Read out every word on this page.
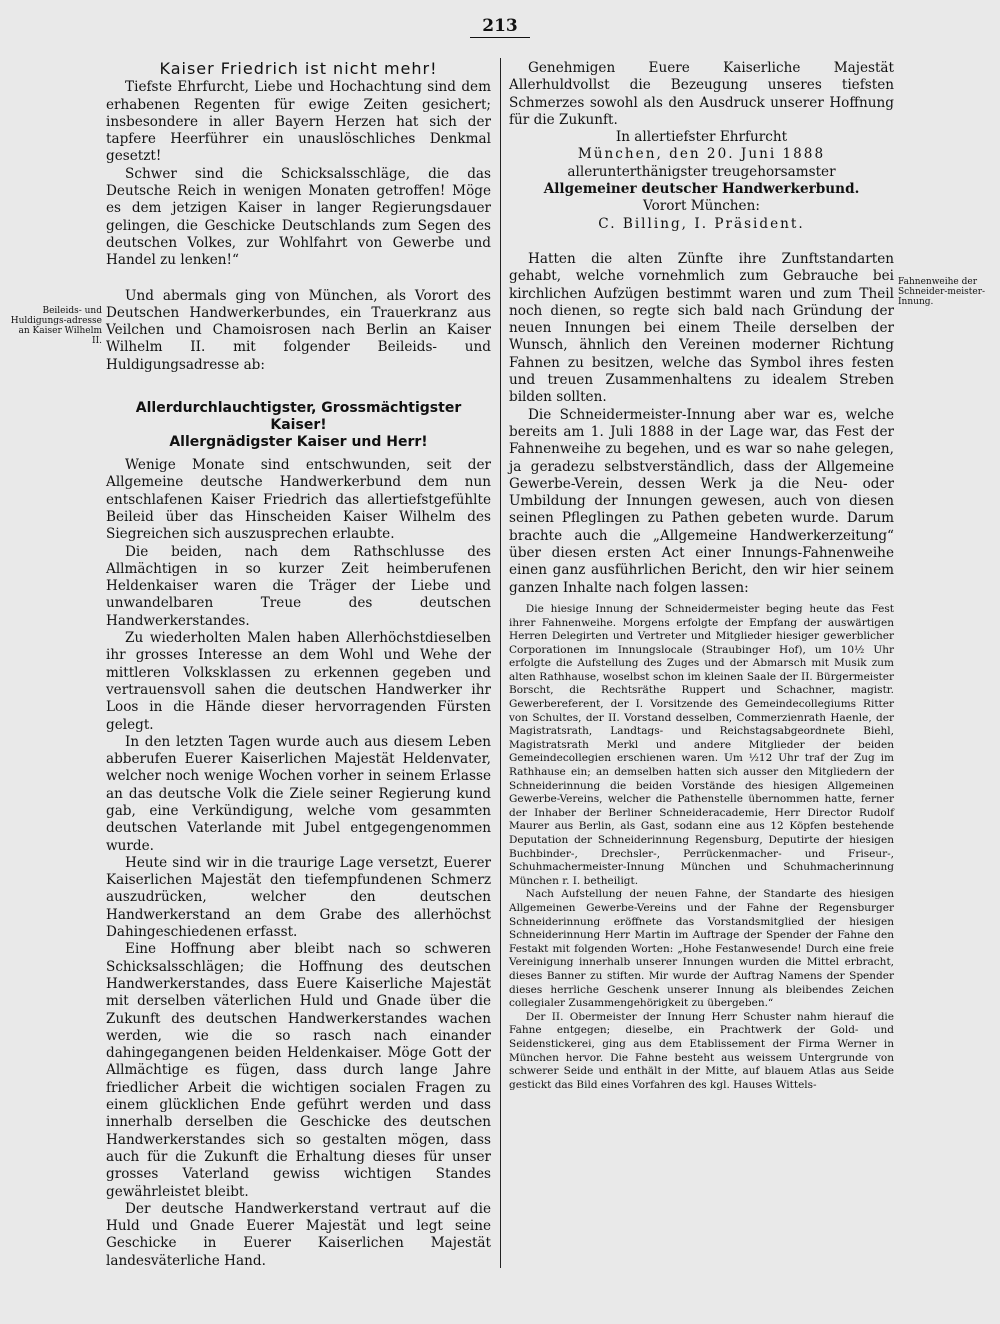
213
Beileids- und Huldigungs-adresse an Kaiser Wilhelm II.
Fahnenweihe der Schneider-meister-Innung.
Kaiser Friedrich ist nicht mehr!

Tiefste Ehrfurcht, Liebe und Hochachtung sind dem erhabenen Regenten für ewige Zeiten gesichert; insbesondere in aller Bayern Herzen hat sich der tapfere Heerführer ein unauslöschliches Denkmal gesetzt!

Schwer sind die Schicksalsschläge, die das Deutsche Reich in wenigen Monaten getroffen! Möge es dem jetzigen Kaiser in langer Regierungsdauer gelingen, die Geschicke Deutschlands zum Segen des deutschen Volkes, zur Wohlfahrt von Gewerbe und Handel zu lenken!“

Und abermals ging von München, als Vorort des Deutschen Handwerkerbundes, ein Trauerkranz aus Veilchen und Chamoisrosen nach Berlin an Kaiser Wilhelm II. mit folgender Beileids- und Huldigungsadresse ab:

Allerdurchlauchtigster, Grossmächtigster Kaiser!
Allergnädigster Kaiser und Herr!

Wenige Monate sind entschwunden, seit der Allgemeine deutsche Handwerkerbund dem nun entschlafenen Kaiser Friedrich das allertiefstgefühlte Beileid über das Hinscheiden Kaiser Wilhelm des Siegreichen sich auszusprechen erlaubte.

Die beiden, nach dem Rathschlusse des Allmächtigen in so kurzer Zeit heimberufenen Heldenkaiser waren die Träger der Liebe und unwandelbaren Treue des deutschen Handwerkerstandes.

Zu wiederholten Malen haben Allerhöchstdieselben ihr grosses Interesse an dem Wohl und Wehe der mittleren Volksklassen zu erkennen gegeben und vertrauensvoll sahen die deutschen Handwerker ihr Loos in die Hände dieser hervorragenden Fürsten gelegt.

In den letzten Tagen wurde auch aus diesem Leben abberufen Euerer Kaiserlichen Majestät Heldenvater, welcher noch wenige Wochen vorher in seinem Erlasse an das deutsche Volk die Ziele seiner Regierung kund gab, eine Verkündigung, welche vom gesammten deutschen Vaterlande mit Jubel entgegengenommen wurde.

Heute sind wir in die traurige Lage versetzt, Euerer Kaiserlichen Majestät den tiefempfundenen Schmerz auszudrücken, welcher den deutschen Handwerkerstand an dem Grabe des allerhöchst Dahingeschiedenen erfasst.

Eine Hoffnung aber bleibt nach so schweren Schicksalsschlägen; die Hoffnung des deutschen Handwerkerstandes, dass Euere Kaiserliche Majestät mit derselben väterlichen Huld und Gnade über die Zukunft des deutschen Handwerkerstandes wachen werden, wie die so rasch nach einander dahingegangenen beiden Heldenkaiser. Möge Gott der Allmächtige es fügen, dass durch lange Jahre friedlicher Arbeit die wichtigen socialen Fragen zu einem glücklichen Ende geführt werden und dass innerhalb derselben die Geschicke des deutschen Handwerkerstandes sich so gestalten mögen, dass auch für die Zukunft die Erhaltung dieses für unser grosses Vaterland gewiss wichtigen Standes gewährleistet bleibt.

Der deutsche Handwerkerstand vertraut auf die Huld und Gnade Euerer Majestät und legt seine Geschicke in Euerer Kaiserlichen Majestät landesväterliche Hand.

Genehmigen Euere Kaiserliche Majestät Allerhuldvollst die Bezeugung unseres tiefsten Schmerzes sowohl als den Ausdruck unserer Hoffnung für die Zukunft.

In allertiefster Ehrfurcht

München, den 20. Juni 1888

allerunterthänigster treugehorsamster

Allgemeiner deutscher Handwerkerbund.

Vorort München:

C. Billing, I. Präsident.

Hatten die alten Zünfte ihre Zunftstandarten gehabt, welche vornehmlich zum Gebrauche bei kirchlichen Aufzügen bestimmt waren und zum Theil noch dienen, so regte sich bald nach Gründung der neuen Innungen bei einem Theile derselben der Wunsch, ähnlich den Vereinen moderner Richtung Fahnen zu besitzen, welche das Symbol ihres festen und treuen Zusammenhaltens zu idealem Streben bilden sollten.

Die Schneidermeister-Innung aber war es, welche bereits am 1. Juli 1888 in der Lage war, das Fest der Fahnenweihe zu begehen, und es war so nahe gelegen, ja geradezu selbstverständlich, dass der Allgemeine Gewerbe-Verein, dessen Werk ja die Neu- oder Umbildung der Innungen gewesen, auch von diesen seinen Pfleglingen zu Pathen gebeten wurde. Darum brachte auch die „Allgemeine Handwerkerzeitung“ über diesen ersten Act einer Innungs-Fahnenweihe einen ganz ausführlichen Bericht, den wir hier seinem ganzen Inhalte nach folgen lassen:

Die hiesige Innung der Schneidermeister beging heute das Fest ihrer Fahnenweihe. Morgens erfolgte der Empfang der auswärtigen Herren Delegirten und Vertreter und Mitglieder hiesiger gewerblicher Corporationen im Innungslocale (Straubinger Hof), um 10½ Uhr erfolgte die Aufstellung des Zuges und der Abmarsch mit Musik zum alten Rathhause, woselbst schon im kleinen Saale der II. Bürgermeister Borscht, die Rechtsräthe Ruppert und Schachner, magistr. Gewerbereferent, der I. Vorsitzende des Gemeindecollegiums Ritter von Schultes, der II. Vorstand desselben, Commerzienrath Haenle, der Magistratsrath, Landtags- und Reichstagsabgeordnete Biehl, Magistratsrath Merkl und andere Mitglieder der beiden Gemeindecollegien erschienen waren. Um ½12 Uhr traf der Zug im Rathhause ein; an demselben hatten sich ausser den Mitgliedern der Schneiderinnung die beiden Vorstände des hiesigen Allgemeinen Gewerbe-Vereins, welcher die Pathenstelle übernommen hatte, ferner der Inhaber der Berliner Schneideracademie, Herr Director Rudolf Maurer aus Berlin, als Gast, sodann eine aus 12 Köpfen bestehende Deputation der Schneiderinnung Regensburg, Deputirte der hiesigen Buchbinder-, Drechsler-, Perrückenmacher- und Friseur-, Schuhmachermeister-Innung München und Schuhmacherinnung München r. I. betheiligt.

Nach Aufstellung der neuen Fahne, der Standarte des hiesigen Allgemeinen Gewerbe-Vereins und der Fahne der Regensburger Schneiderinnung eröffnete das Vorstandsmitglied der hiesigen Schneiderinnung Herr Martin im Auftrage der Spender der Fahne den Festakt mit folgenden Worten: „Hohe Festanwesende! Durch eine freie Vereinigung innerhalb unserer Innungen wurden die Mittel erbracht, dieses Banner zu stiften. Mir wurde der Auftrag Namens der Spender dieses herrliche Geschenk unserer Innung als bleibendes Zeichen collegialer Zusammengehörigkeit zu übergeben.“

Der II. Obermeister der Innung Herr Schuster nahm hierauf die Fahne entgegen; dieselbe, ein Prachtwerk der Gold- und Seidenstickerei, ging aus dem Etablissement der Firma Werner in München hervor. Die Fahne besteht aus weissem Untergrunde von schwerer Seide und enthält in der Mitte, auf blauem Atlas aus Seide gestickt das Bild eines Vorfahren des kgl. Hauses Wittels-
